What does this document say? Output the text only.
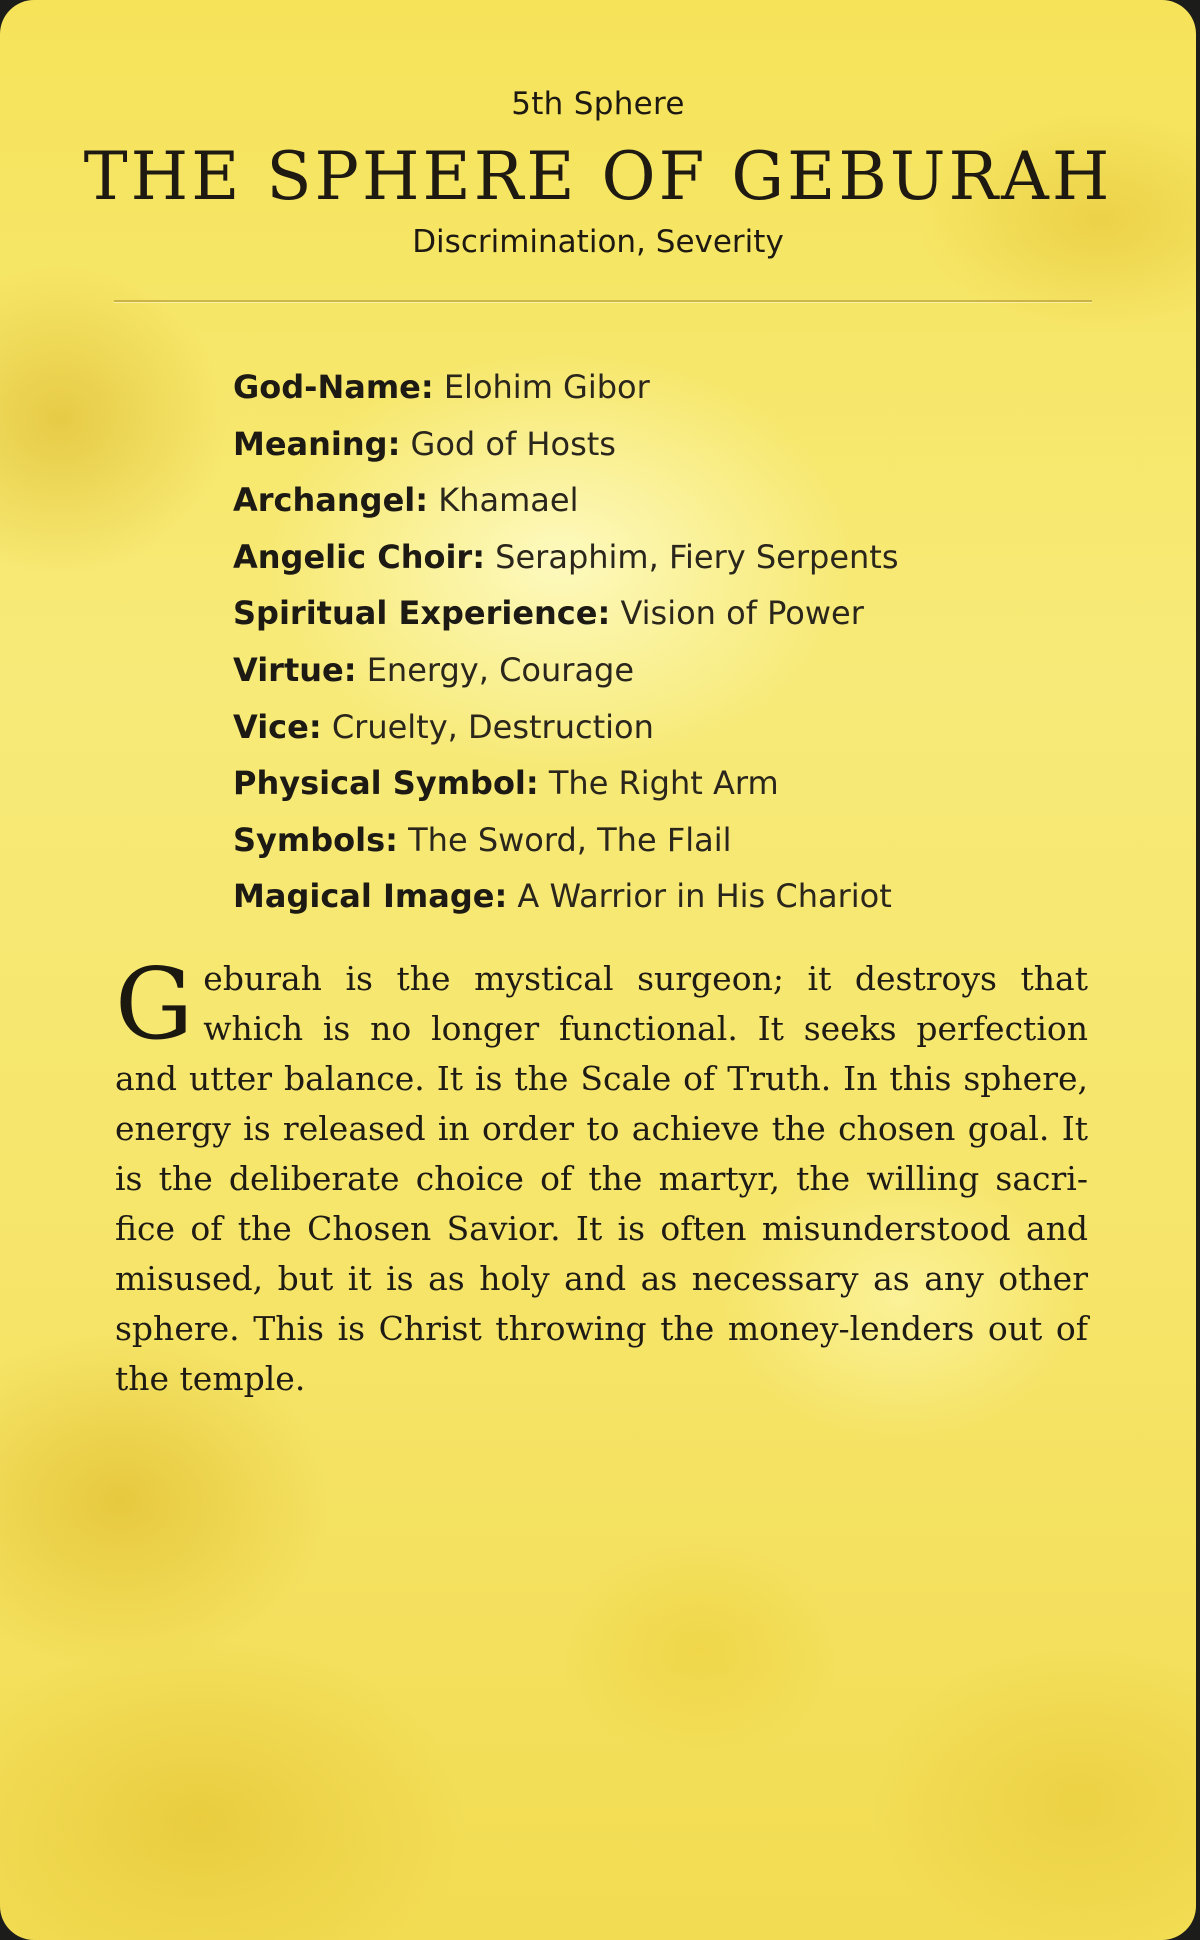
5th Sphere
THE SPHERE OF GEBURAH
Discrimination, Severity
God-Name: Elohim Gibor
Meaning: God of Hosts
Archangel: Khamael
Angelic Choir: Seraphim, Fiery Serpents
Spiritual Experience: Vision of Power
Virtue: Energy, Courage
Vice: Cruelty, Destruction
Physical Symbol: The Right Arm
Symbols: The Sword, The Flail
Magical Image: A Warrior in His Chariot

Geburah is the mystical surgeon; it destroys that which is no longer functional. It seeks perfection and utter balance. It is the Scale of Truth. In this sphere, energy is released in order to achieve the chosen goal. It is the deliberate choice of the martyr, the willing sacri-fice of the Chosen Savior. It is often misunderstood and misused, but it is as holy and as necessary as any other sphere. This is Christ throwing the money-lenders out of the temple.
